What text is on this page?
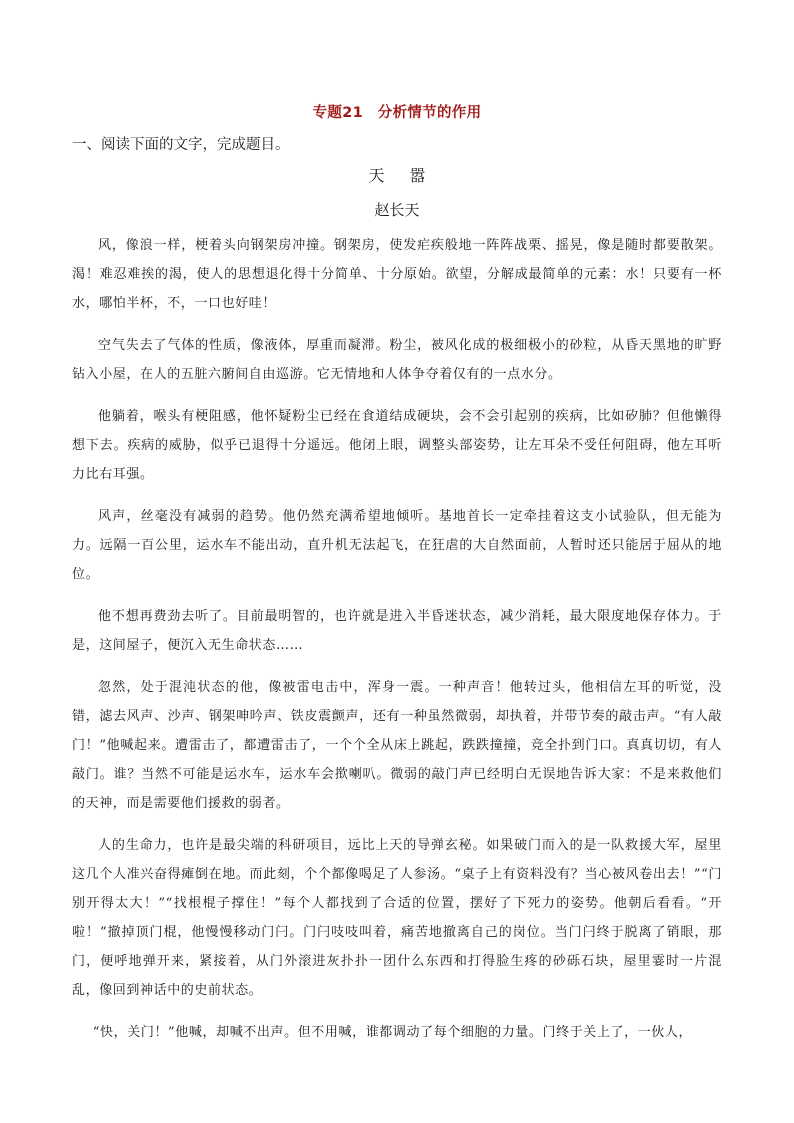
专题21　分析情节的作用
一、阅读下面的文字，完成题目。
天 嚣
赵长天

风，像浪一样，梗着头向钢架房冲撞。钢架房，使发疟疾般地一阵阵战栗、摇晃，像是随时都要散架。渴！难忍难挨的渴，使人的思想退化得十分简单、十分原始。欲望，分解成最简单的元素：水！只要有一杯水，哪怕半杯，不，一口也好哇！

空气失去了气体的性质，像液体，厚重而凝滞。粉尘，被风化成的极细极小的砂粒，从昏天黑地的旷野钻入小屋，在人的五脏六腑间自由巡游。它无情地和人体争夺着仅有的一点水分。

他躺着，喉头有梗阻感，他怀疑粉尘已经在食道结成硬块，会不会引起别的疾病，比如矽肺？但他懒得想下去。疾病的威胁，似乎已退得十分遥远。他闭上眼，调整头部姿势，让左耳朵不受任何阻碍，他左耳听力比右耳强。

风声，丝毫没有减弱的趋势。他仍然充满希望地倾听。基地首长一定牵挂着这支小试验队，但无能为力。远隔一百公里，运水车不能出动，直升机无法起飞，在狂虐的大自然面前，人暂时还只能居于屈从的地位。

他不想再费劲去听了。目前最明智的，也许就是进入半昏迷状态，减少消耗，最大限度地保存体力。于是，这间屋子，便沉入无生命状态……

忽然，处于混沌状态的他，像被雷电击中，浑身一震。一种声音！他转过头，他相信左耳的听觉，没错，滤去风声、沙声、钢架呻吟声、铁皮震颤声，还有一种虽然微弱，却执着，并带节奏的敲击声。“有人敲门！”他喊起来。遭雷击了，都遭雷击了，一个个全从床上跳起，跌跌撞撞，竞全扑到门口。真真切切，有人敲门。谁？当然不可能是运水车，运水车会揿喇叭。微弱的敲门声已经明白无误地告诉大家：不是来救他们的天神，而是需要他们援救的弱者。

人的生命力，也许是最尖端的科研项目，远比上天的导弹玄秘。如果破门而入的是一队救援大军，屋里这几个人准兴奋得瘫倒在地。而此刻，个个都像喝足了人参汤。“桌子上有资料没有？当心被风卷出去！”“门别开得太大！”“找根棍子撑住！”每个人都找到了合适的位置，摆好了下死力的姿势。他朝后看看。“开啦！”撤掉顶门棍，他慢慢移动门闩。门闩吱吱叫着，痛苦地撤离自己的岗位。当门闩终于脱离了销眼，那门，便呼地弹开来，紧接着，从门外滚进灰扑扑一团什么东西和打得脸生疼的砂砾石块，屋里霎时一片混乱，像回到神话中的史前状态。

“快，关门！”他喊，却喊不出声。但不用喊，谁都调动了每个细胞的力量。门终于关上了，一伙人，
